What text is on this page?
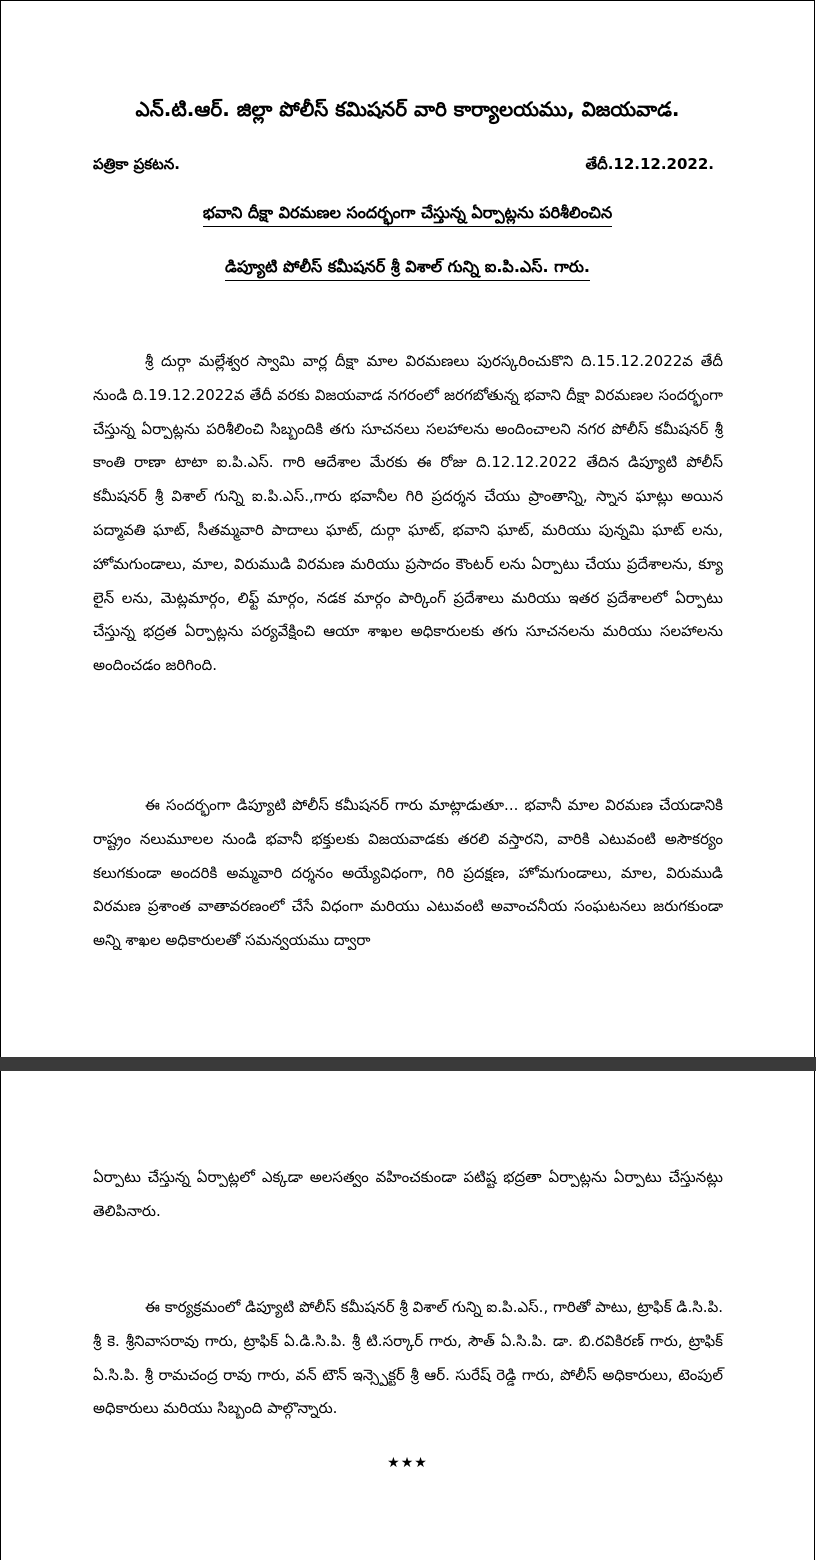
ఎన్.టి.ఆర్. జిల్లా పోలీస్ కమిషనర్ వారి కార్యాలయము, విజయవాడ.
పత్రికా ప్రకటన.	తేదీ.12.12.2022.
భవాని దీక్షా విరమణల సందర్భంగా చేస్తున్న ఏర్పాట్లను పరిశీలించిన
డిప్యూటి పోలీస్ కమీషనర్ శ్రీ విశాల్ గున్ని ఐ.పి.ఎస్. గారు.

శ్రీ దుర్గా మల్లేశ్వర స్వామి వార్ల దీక్షా మాల విరమణలు పురస్కరించుకొని ది.15.12.2022వ తేదీ నుండి ది.19.12.2022వ తేదీ వరకు విజయవాడ నగరంలో జరగబోతున్న భవాని దీక్షా విరమణల సందర్భంగా చేస్తున్న ఏర్పాట్లను పరిశీలించి సిబ్బందికి తగు సూచనలు సలహాలను అందించాలని నగర పోలీస్ కమీషనర్ శ్రీ కాంతి రాణా టాటా ఐ.పి.ఎస్. గారి ఆదేశాల మేరకు ఈ రోజు ది.12.12.2022 తేదిన డిప్యూటి పోలీస్ కమీషనర్ శ్రీ విశాల్ గున్ని ఐ.పి.ఎస్.,గారు భవానీల గిరి ప్రదర్శన చేయు ప్రాంతాన్ని, స్నాన ఘాట్లు అయిన పద్మావతి ఘాట్, సీతమ్మవారి పాదాలు ఘాట్, దుర్గా ఘాట్, భవాని ఘాట్, మరియు పున్నమి ఘాట్ లను, హోమగుండాలు, మాల, విరుముడి విరమణ మరియు ప్రసాదం కౌంటర్ లను ఏర్పాటు చేయు ప్రదేశాలను, క్యూ లైన్ లను, మెట్లమార్గం, లిఫ్ట్ మార్గం, నడక మార్గం పార్కింగ్ ప్రదేశాలు మరియు ఇతర ప్రదేశాలలో ఏర్పాటు చేస్తున్న భద్రత ఏర్పాట్లను పర్యవేక్షించి ఆయా శాఖల అధికారులకు తగు సూచనలను మరియు సలహాలను అందించడం జరిగింది.

ఈ సందర్భంగా డిప్యూటి పోలీస్ కమీషనర్ గారు మాట్లాడుతూ... భవానీ మాల విరమణ చేయడానికి రాష్ట్రం నలుమూలల నుండి భవానీ భక్తులకు విజయవాడకు తరలి వస్తారని, వారికి ఎటువంటి అసౌకర్యం కలుగకుండా అందరికి అమ్మవారి దర్శనం అయ్యేవిధంగా, గిరి ప్రదక్షణ, హోమగుండాలు, మాల, విరుముడి విరమణ ప్రశాంత వాతావరణంలో చేసే విధంగా మరియు ఎటువంటి అవాంచనీయ సంఘటనలు జరుగకుండా అన్ని శాఖల అధికారులతో సమన్వయము ద్వారా

ఏర్పాటు చేస్తున్న ఏర్పాట్లలో ఎక్కడా అలసత్వం వహించకుండా పటిష్ట భద్రతా ఏర్పాట్లను ఏర్పాటు చేస్తునట్లు తెలిపినారు.

ఈ కార్యక్రమంలో డిప్యూటి పోలీస్ కమీషనర్ శ్రీ విశాల్ గున్ని ఐ.పి.ఎస్., గారితో పాటు, ట్రాఫిక్ డి.సి.పి. శ్రీ కె. శ్రీనివాసరావు గారు, ట్రాఫిక్ ఏ.డి.సి.పి. శ్రీ టి.సర్కార్ గారు, సౌత్ ఏ.సి.పి. డా. బి.రవికిరణ్ గారు, ట్రాఫిక్ ఏ.సి.పి. శ్రీ రామచంద్ర రావు గారు, వన్ టౌన్ ఇన్స్పెక్టర్ శ్రీ ఆర్. సురేష్ రెడ్డి గారు, పోలీస్ అధికారులు, టెంపుల్ అధికారులు మరియు సిబ్బంది పాల్గొన్నారు.

★★★
